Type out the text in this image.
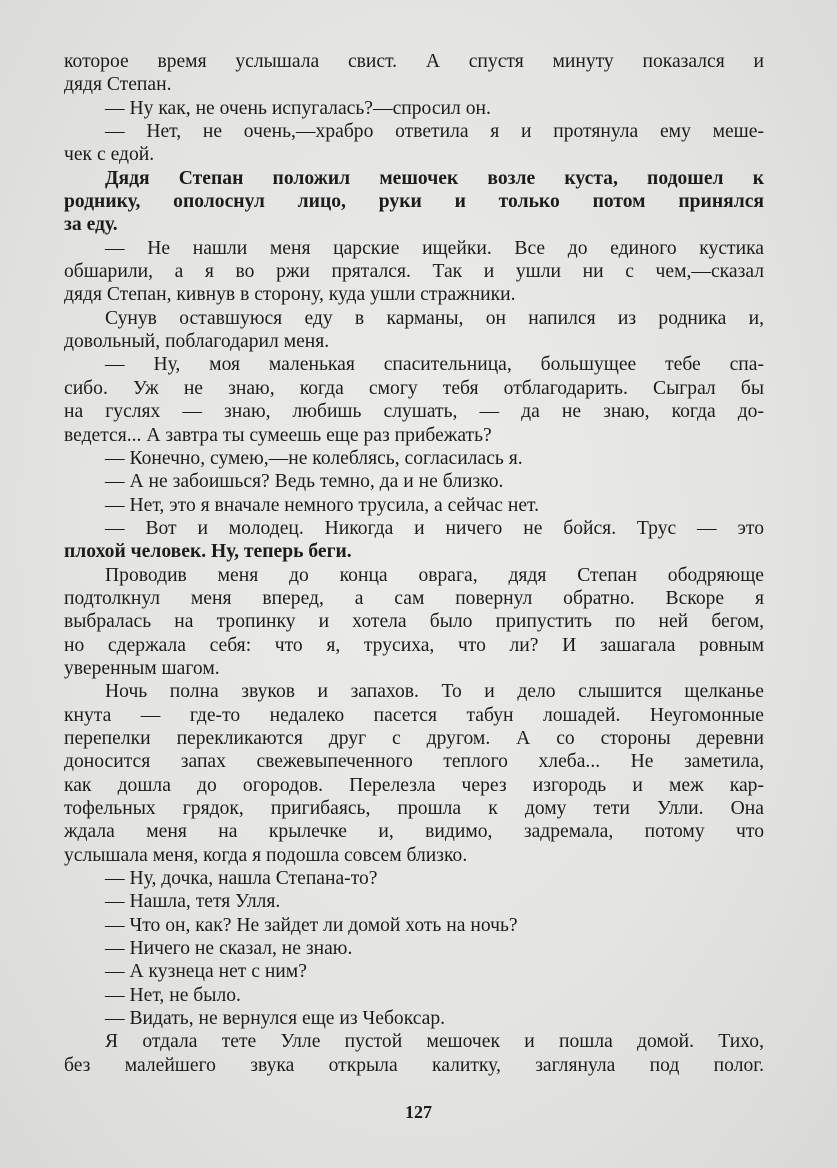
которое время услышала свист. А спустя минуту показался и
дядя Степан.
— Ну как, не очень испугалась?—спросил он.
— Нет, не очень,—храбро ответила я и протянула ему меше-
чек с едой.
Дядя Степан положил мешочек возле куста, подошел к
роднику, ополоснул лицо, руки и только потом принялся
за еду.
— Не нашли меня царские ищейки. Все до единого кустика
обшарили, а я во ржи прятался. Так и ушли ни с чем,—сказал
дядя Степан, кивнув в сторону, куда ушли стражники.
Сунув оставшуюся еду в карманы, он напился из родника и,
довольный, поблагодарил меня.
— Ну, моя маленькая спасительница, большущее тебе спа-
сибо. Уж не знаю, когда смогу тебя отблагодарить. Сыграл бы
на гуслях — знаю, любишь слушать, — да не знаю, когда до-
ведется... А завтра ты сумеешь еще раз прибежать?
— Конечно, сумею,—не колеблясь, согласилась я.
— А не забоишься? Ведь темно, да и не близко.
— Нет, это я вначале немного трусила, а сейчас нет.
— Вот и молодец. Никогда и ничего не бойся. Трус — это
плохой человек. Ну, теперь беги.
Проводив меня до конца оврага, дядя Степан ободряюще
подтолкнул меня вперед, а сам повернул обратно. Вскоре я
выбралась на тропинку и хотела было припустить по ней бегом,
но сдержала себя: что я, трусиха, что ли? И зашагала ровным
уверенным шагом.
Ночь полна звуков и запахов. То и дело слышится щелканье
кнута — где-то недалеко пасется табун лошадей. Неугомонные
перепелки перекликаются друг с другом. А со стороны деревни
доносится запах свежевыпеченного теплого хлеба... Не заметила,
как дошла до огородов. Перелезла через изгородь и меж кар-
тофельных грядок, пригибаясь, прошла к дому тети Улли. Она
ждала меня на крылечке и, видимо, задремала, потому что
услышала меня, когда я подошла совсем близко.
— Ну, дочка, нашла Степана-то?
— Нашла, тетя Улля.
— Что он, как? Не зайдет ли домой хоть на ночь?
— Ничего не сказал, не знаю.
— А кузнеца нет с ним?
— Нет, не было.
— Видать, не вернулся еще из Чебоксар.
Я отдала тете Улле пустой мешочек и пошла домой. Тихо,
без малейшего звука открыла калитку, заглянула под полог.
127
